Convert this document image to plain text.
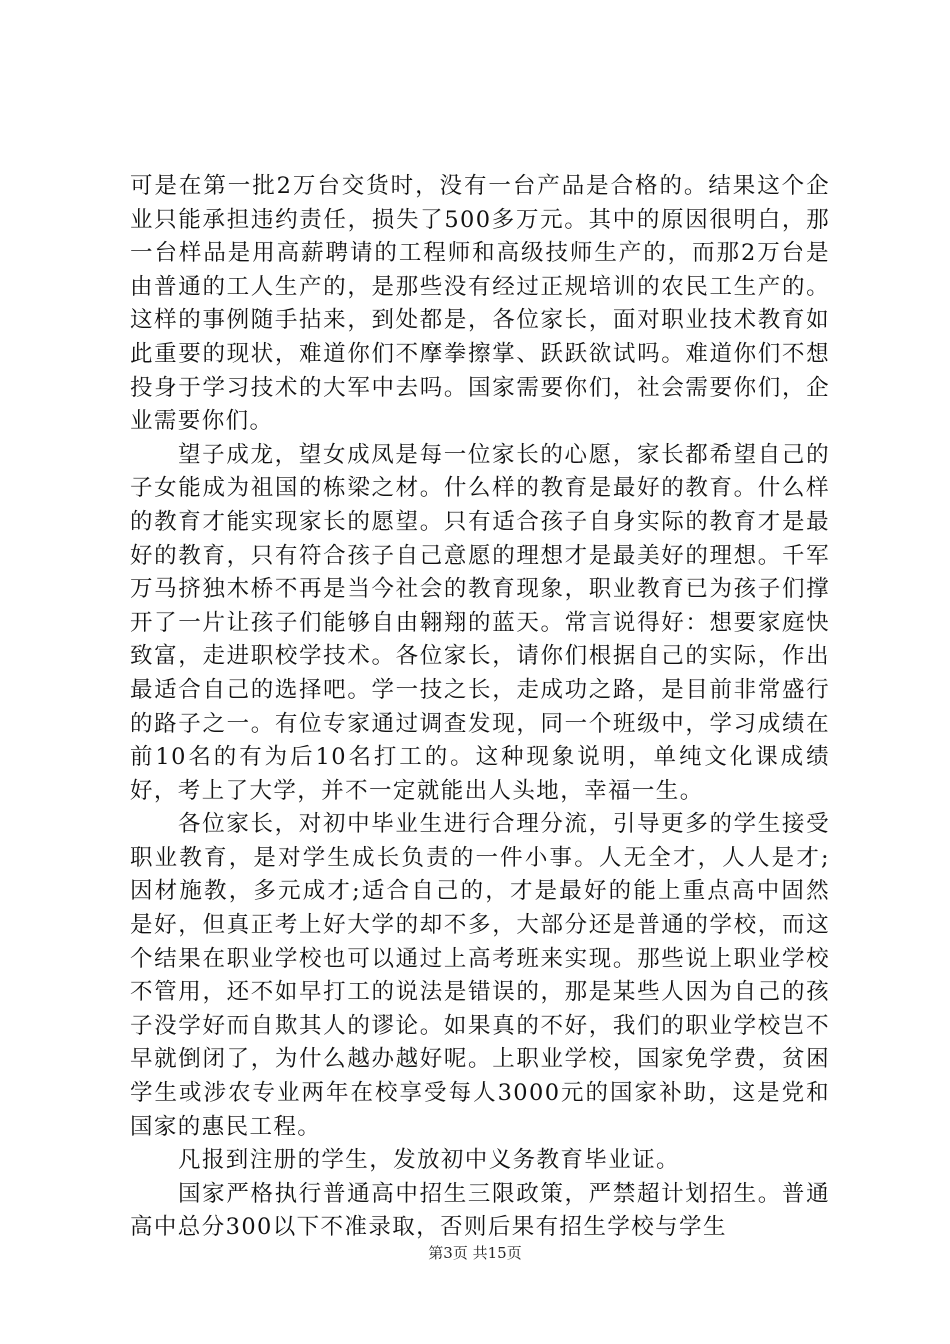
可是在第一批2万台交货时，没有一台产品是合格的。结果这个企业只能承担违约责任，损失了500多万元。其中的原因很明白，那一台样品是用高薪聘请的工程师和高级技师生产的，而那2万台是由普通的工人生产的，是那些没有经过正规培训的农民工生产的。这样的事例随手拈来，到处都是，各位家长，面对职业技术教育如此重要的现状，难道你们不摩拳擦掌、跃跃欲试吗。难道你们不想投身于学习技术的大军中去吗。国家需要你们，社会需要你们，企业需要你们。

望子成龙，望女成凤是每一位家长的心愿，家长都希望自己的子女能成为祖国的栋梁之材。什么样的教育是最好的教育。什么样的教育才能实现家长的愿望。只有适合孩子自身实际的教育才是最好的教育，只有符合孩子自己意愿的理想才是最美好的理想。千军万马挤独木桥不再是当今社会的教育现象，职业教育已为孩子们撑开了一片让孩子们能够自由翱翔的蓝天。常言说得好：想要家庭快致富，走进职校学技术。各位家长，请你们根据自己的实际，作出最适合自己的选择吧。学一技之长，走成功之路，是目前非常盛行的路子之一。有位专家通过调查发现，同一个班级中，学习成绩在前10名的有为后10名打工的。这种现象说明，单纯文化课成绩好，考上了大学，并不一定就能出人头地，幸福一生。

各位家长，对初中毕业生进行合理分流，引导更多的学生接受职业教育，是对学生成长负责的一件小事。人无全才，人人是才;因材施教，多元成才;适合自己的，才是最好的能上重点高中固然是好，但真正考上好大学的却不多，大部分还是普通的学校，而这个结果在职业学校也可以通过上高考班来实现。那些说上职业学校不管用，还不如早打工的说法是错误的，那是某些人因为自己的孩子没学好而自欺其人的谬论。如果真的不好，我们的职业学校岂不早就倒闭了，为什么越办越好呢。上职业学校，国家免学费，贫困学生或涉农专业两年在校享受每人3000元的国家补助，这是党和国家的惠民工程。

凡报到注册的学生，发放初中义务教育毕业证。

国家严格执行普通高中招生三限政策，严禁超计划招生。普通高中总分300以下不准录取，否则后果有招生学校与学生

第3页 共15页
